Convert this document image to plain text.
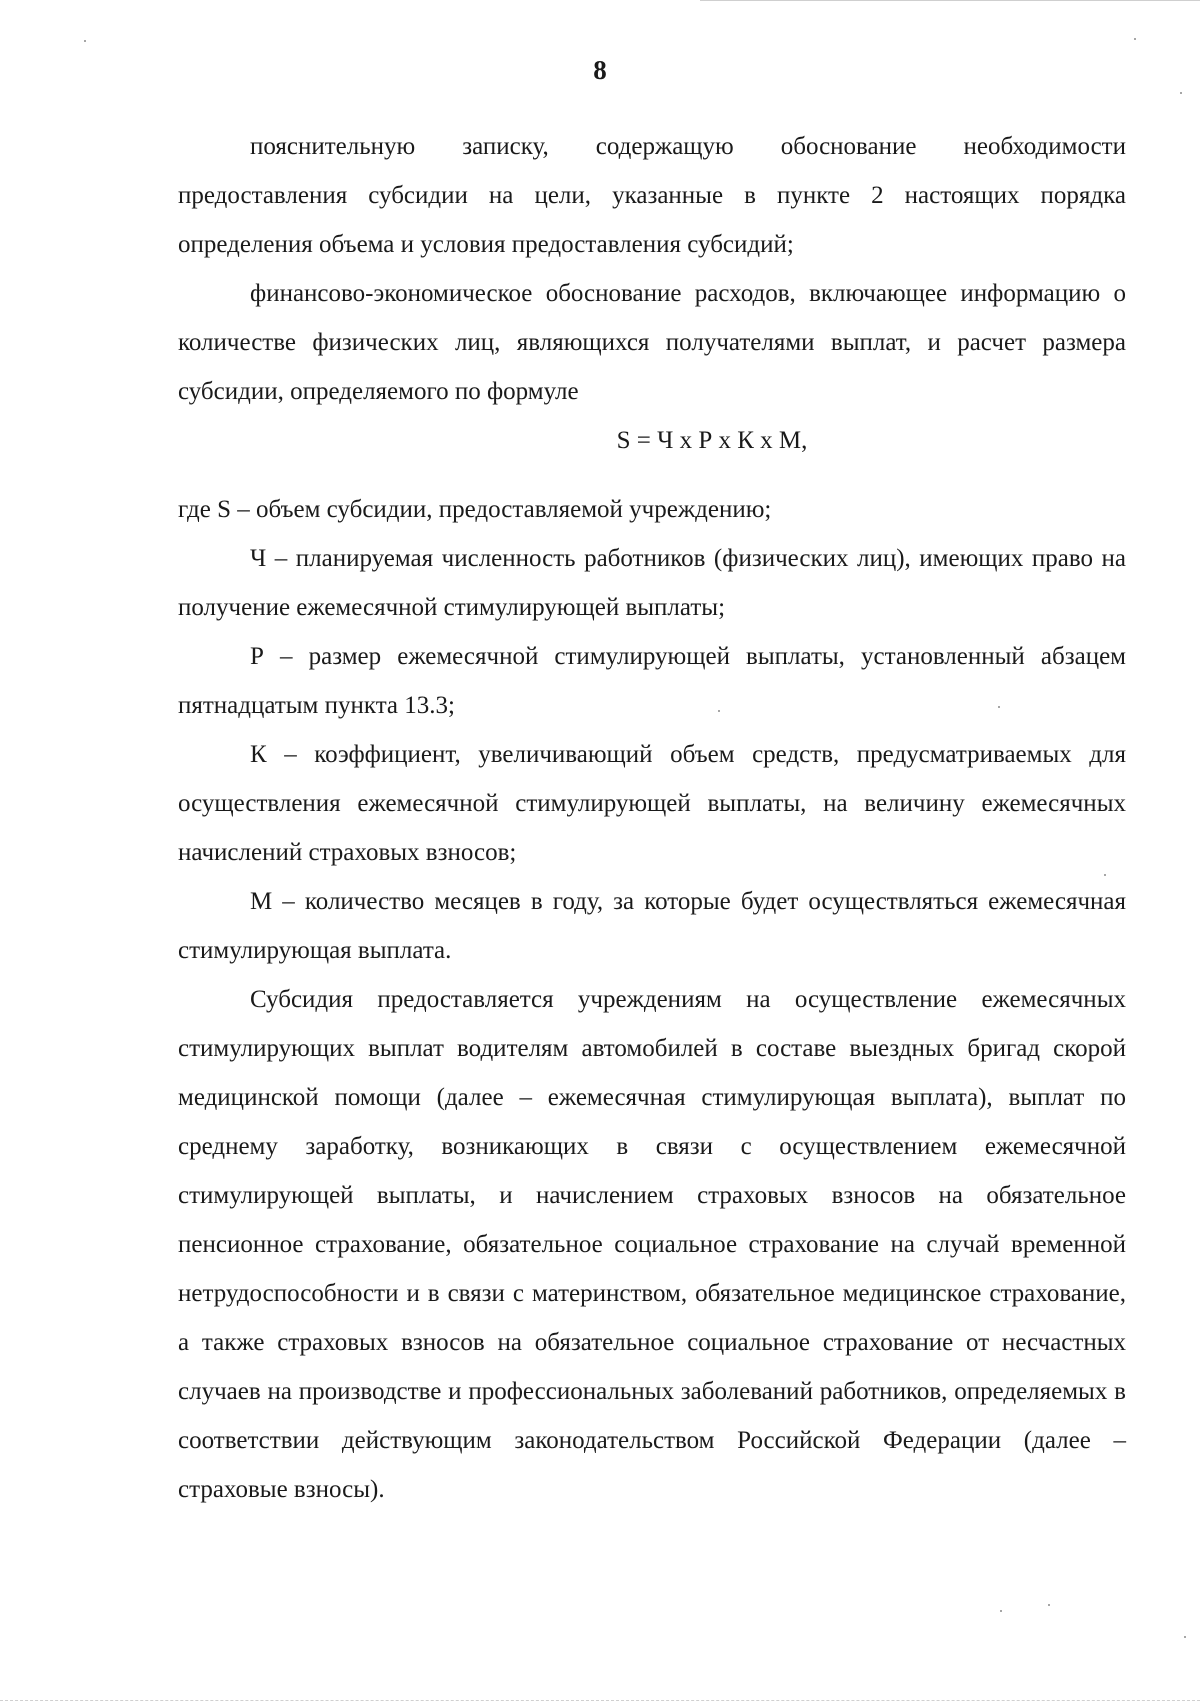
8

пояснительную записку, содержащую обоснование необходимости предоставления субсидии на цели, указанные в пункте 2 настоящих порядка определения объема и условия предоставления субсидий;

финансово-экономическое обоснование расходов, включающее информацию о количестве физических лиц, являющихся получателями выплат, и расчет размера субсидии, определяемого по формуле

S = Ч х Р х К х М,

где S – объем субсидии, предоставляемой учреждению;

Ч – планируемая численность работников (физических лиц), имеющих право на получение ежемесячной стимулирующей выплаты;

Р – размер ежемесячной стимулирующей выплаты, установленный абзацем пятнадцатым пункта 13.3;

К – коэффициент, увеличивающий объем средств, предусматриваемых для осуществления ежемесячной стимулирующей выплаты, на величину ежемесячных начислений страховых взносов;

М – количество месяцев в году, за которые будет осуществляться ежемесячная стимулирующая выплата.

Субсидия предоставляется учреждениям на осуществление ежемесячных стимулирующих выплат водителям автомобилей в составе выездных бригад скорой медицинской помощи (далее – ежемесячная стимулирующая выплата), выплат по среднему заработку, возникающих в связи с осуществлением ежемесячной стимулирующей выплаты, и начислением страховых взносов на обязательное пенсионное страхование, обязательное социальное страхование на случай временной нетрудоспособности и в связи с материнством, обязательное медицинское страхование, а также страховых взносов на обязательное социальное страхование от несчастных случаев на производстве и профессиональных заболеваний работников, определяемых в соответствии действующим законодательством Российской Федерации (далее – страховые взносы).
